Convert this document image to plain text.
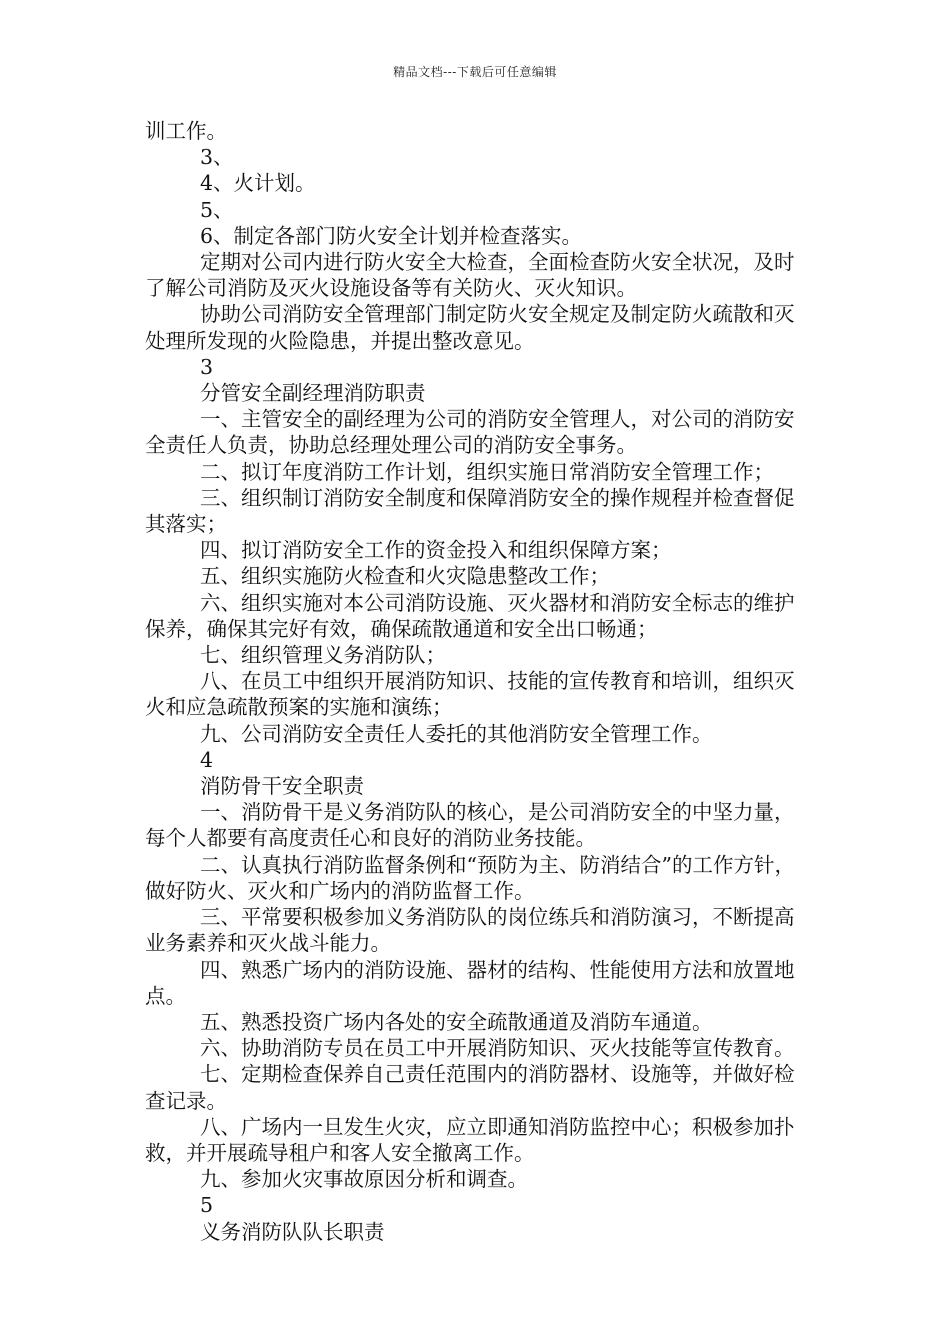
精品文档---下载后可任意编辑

训工作。

3、

4、火计划。

5、

6、制定各部门防火安全计划并检查落实。

定期对公司内进行防火安全大检查，全面检查防火安全状况，及时了解公司消防及灭火设施设备等有关防火、灭火知识。

协助公司消防安全管理部门制定防火安全规定及制定防火疏散和灭处理所发现的火险隐患，并提出整改意见。

3

分管安全副经理消防职责

一、主管安全的副经理为公司的消防安全管理人，对公司的消防安全责任人负责，协助总经理处理公司的消防安全事务。

二、拟订年度消防工作计划，组织实施日常消防安全管理工作；

三、组织制订消防安全制度和保障消防安全的操作规程并检查督促其落实；

四、拟订消防安全工作的资金投入和组织保障方案；

五、组织实施防火检查和火灾隐患整改工作；

六、组织实施对本公司消防设施、灭火器材和消防安全标志的维护保养，确保其完好有效，确保疏散通道和安全出口畅通；

七、组织管理义务消防队；

八、在员工中组织开展消防知识、技能的宣传教育和培训，组织灭火和应急疏散预案的实施和演练；

九、公司消防安全责任人委托的其他消防安全管理工作。

4

消防骨干安全职责

一、消防骨干是义务消防队的核心，是公司消防安全的中坚力量，每个人都要有高度责任心和良好的消防业务技能。

二、认真执行消防监督条例和“预防为主、防消结合”的工作方针，做好防火、灭火和广场内的消防监督工作。

三、平常要积极参加义务消防队的岗位练兵和消防演习，不断提高业务素养和灭火战斗能力。

四、熟悉广场内的消防设施、器材的结构、性能使用方法和放置地点。

五、熟悉投资广场内各处的安全疏散通道及消防车通道。

六、协助消防专员在员工中开展消防知识、灭火技能等宣传教育。

七、定期检查保养自己责任范围内的消防器材、设施等，并做好检查记录。

八、广场内一旦发生火灾，应立即通知消防监控中心；积极参加扑救，并开展疏导租户和客人安全撤离工作。

九、参加火灾事故原因分析和调查。

5

义务消防队队长职责
